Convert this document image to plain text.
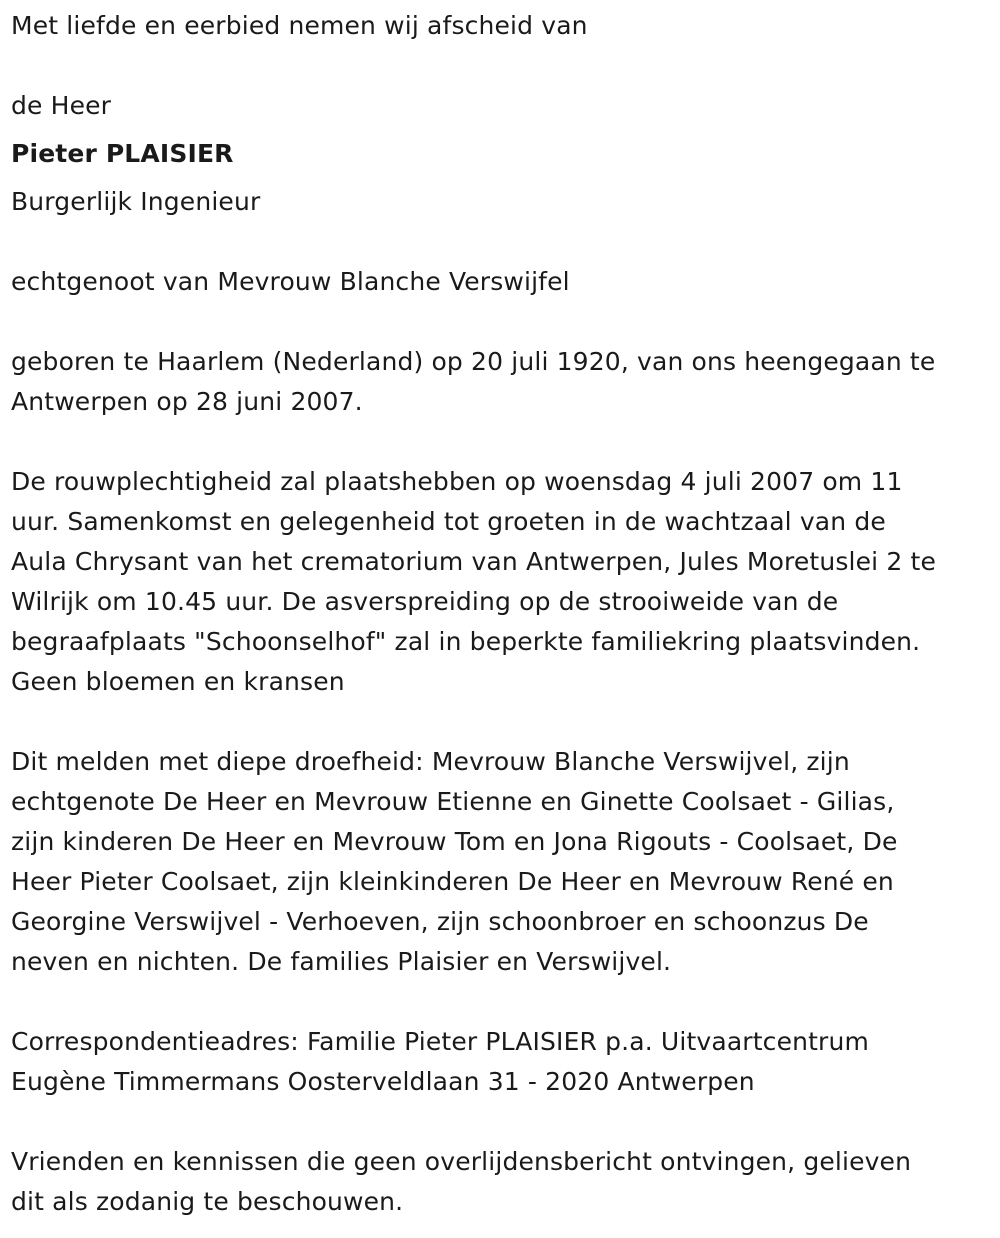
Met liefde en eerbied nemen wij afscheid van
de Heer
Pieter PLAISIER
Burgerlijk Ingenieur
echtgenoot van Mevrouw Blanche Verswijfel
geboren te Haarlem (Nederland) op 20 juli 1920, van ons heengegaan te
Antwerpen op 28 juni 2007.
De rouwplechtigheid zal plaatshebben op woensdag 4 juli 2007 om 11
uur. Samenkomst en gelegenheid tot groeten in de wachtzaal van de
Aula Chrysant van het crematorium van Antwerpen, Jules Moretuslei 2 te
Wilrijk om 10.45 uur. De asverspreiding op de strooiweide van de
begraafplaats "Schoonselhof" zal in beperkte familiekring plaatsvinden.
Geen bloemen en kransen
Dit melden met diepe droefheid: Mevrouw Blanche Verswijvel, zijn
echtgenote De Heer en Mevrouw Etienne en Ginette Coolsaet - Gilias,
zijn kinderen De Heer en Mevrouw Tom en Jona Rigouts - Coolsaet, De
Heer Pieter Coolsaet, zijn kleinkinderen De Heer en Mevrouw René en
Georgine Verswijvel - Verhoeven, zijn schoonbroer en schoonzus De
neven en nichten. De families Plaisier en Verswijvel.
Correspondentieadres: Familie Pieter PLAISIER p.a. Uitvaartcentrum
Eugène Timmermans Oosterveldlaan 31 - 2020 Antwerpen
Vrienden en kennissen die geen overlijdensbericht ontvingen, gelieven
dit als zodanig te beschouwen.
